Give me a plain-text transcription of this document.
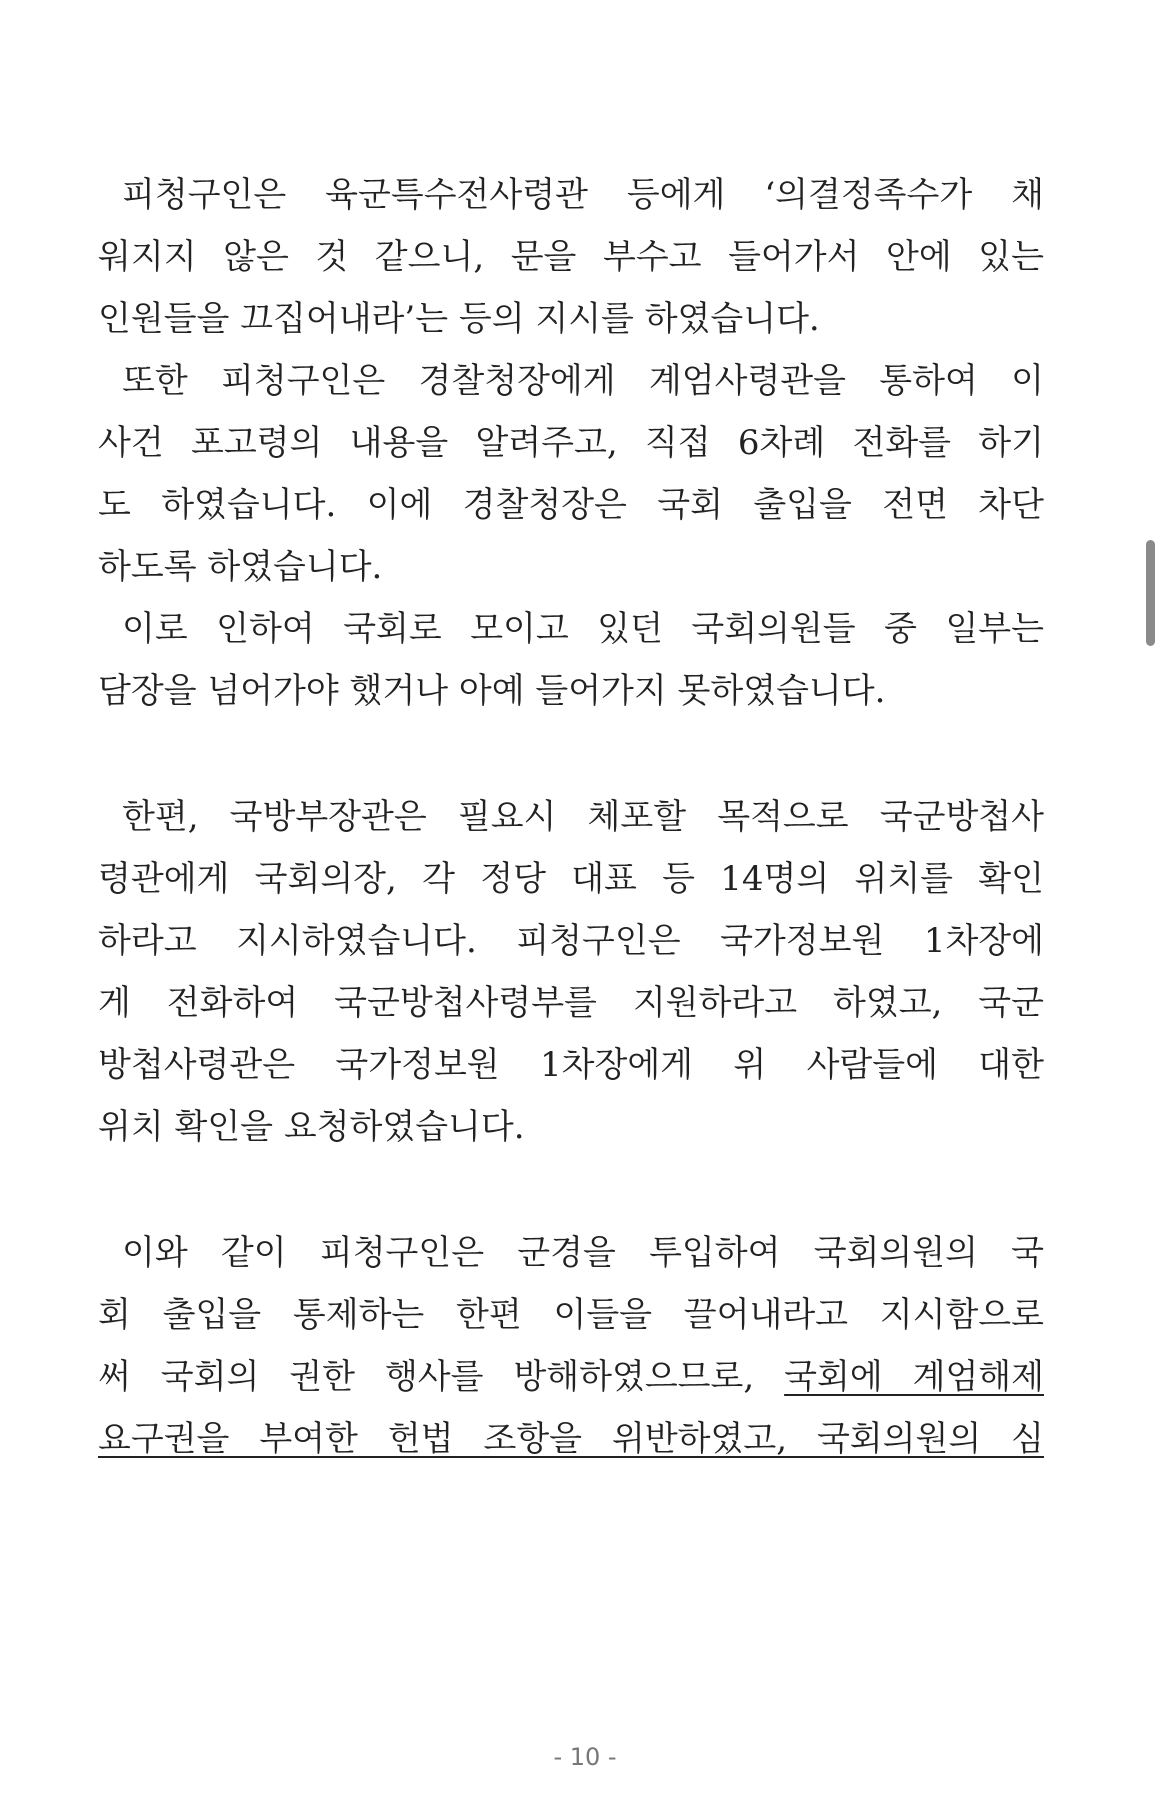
피청구인은 육군특수전사령관 등에게 ‘의결정족수가 채
워지지 않은 것 같으니, 문을 부수고 들어가서 안에 있는
인원들을 끄집어내라’는 등의 지시를 하였습니다.
또한 피청구인은 경찰청장에게 계엄사령관을 통하여 이
사건 포고령의 내용을 알려주고, 직접 6차례 전화를 하기
도 하였습니다. 이에 경찰청장은 국회 출입을 전면 차단
하도록 하였습니다.
이로 인하여 국회로 모이고 있던 국회의원들 중 일부는
담장을 넘어가야 했거나 아예 들어가지 못하였습니다.
한편, 국방부장관은 필요시 체포할 목적으로 국군방첩사
령관에게 국회의장, 각 정당 대표 등 14명의 위치를 확인
하라고 지시하였습니다. 피청구인은 국가정보원 1차장에
게 전화하여 국군방첩사령부를 지원하라고 하였고, 국군
방첩사령관은 국가정보원 1차장에게 위 사람들에 대한
위치 확인을 요청하였습니다.
이와 같이 피청구인은 군경을 투입하여 국회의원의 국
회 출입을 통제하는 한편 이들을 끌어내라고 지시함으로
써 국회의 권한 행사를 방해하였으므로, 국회에 계엄해제
요구권을 부여한 헌법 조항을 위반하였고, 국회의원의 심
- 10 -
